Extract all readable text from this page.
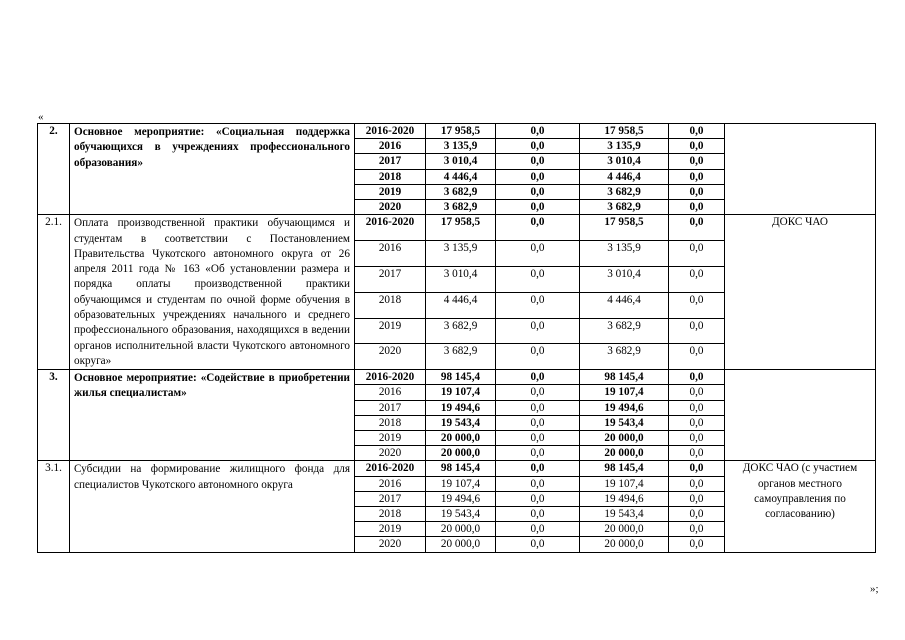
«
2.	Основное мероприятие: «Социальная поддержка обучающихся в учреждениях профессионального образования»	2016-2020	17 958,5	0,0	17 958,5	0,0	
		2016	3 135,9	0,0	3 135,9	0,0	
		2017	3 010,4	0,0	3 010,4	0,0	
		2018	4 446,4	0,0	4 446,4	0,0	
		2019	3 682,9	0,0	3 682,9	0,0	
		2020	3 682,9	0,0	3 682,9	0,0	
2.1.	Оплата производственной практики обучающимся и студентам в соответствии с Постановлением Правительства Чукотского автономного округа от 26 апреля 2011 года № 163 «Об установлении размера и порядка оплаты производственной практики обучающимся и студентам по очной форме обучения в образовательных учреждениях начального и среднего профессионального образования, находящихся в ведении органов исполнительной власти Чукотского автономного округа»	2016-2020	17 958,5	0,0	17 958,5	0,0	ДОКС ЧАО
		2016	3 135,9	0,0	3 135,9	0,0	
		2017	3 010,4	0,0	3 010,4	0,0	
		2018	4 446,4	0,0	4 446,4	0,0	
		2019	3 682,9	0,0	3 682,9	0,0	
		2020	3 682,9	0,0	3 682,9	0,0	
3.	Основное мероприятие: «Содействие в приобретении жилья специалистам»	2016-2020	98 145,4	0,0	98 145,4	0,0	
		2016	19 107,4	0,0	19 107,4	0,0	
		2017	19 494,6	0,0	19 494,6	0,0	
		2018	19 543,4	0,0	19 543,4	0,0	
		2019	20 000,0	0,0	20 000,0	0,0	
		2020	20 000,0	0,0	20 000,0	0,0	
3.1.	Субсидии на формирование жилищного фонда для специалистов Чукотского автономного округа	2016-2020	98 145,4	0,0	98 145,4	0,0	ДОКС ЧАО (с участием органов местного самоуправления по согласованию)
		2016	19 107,4	0,0	19 107,4	0,0	
		2017	19 494,6	0,0	19 494,6	0,0	
		2018	19 543,4	0,0	19 543,4	0,0	
		2019	20 000,0	0,0	20 000,0	0,0	
		2020	20 000,0	0,0	20 000,0	0,0	
»;
